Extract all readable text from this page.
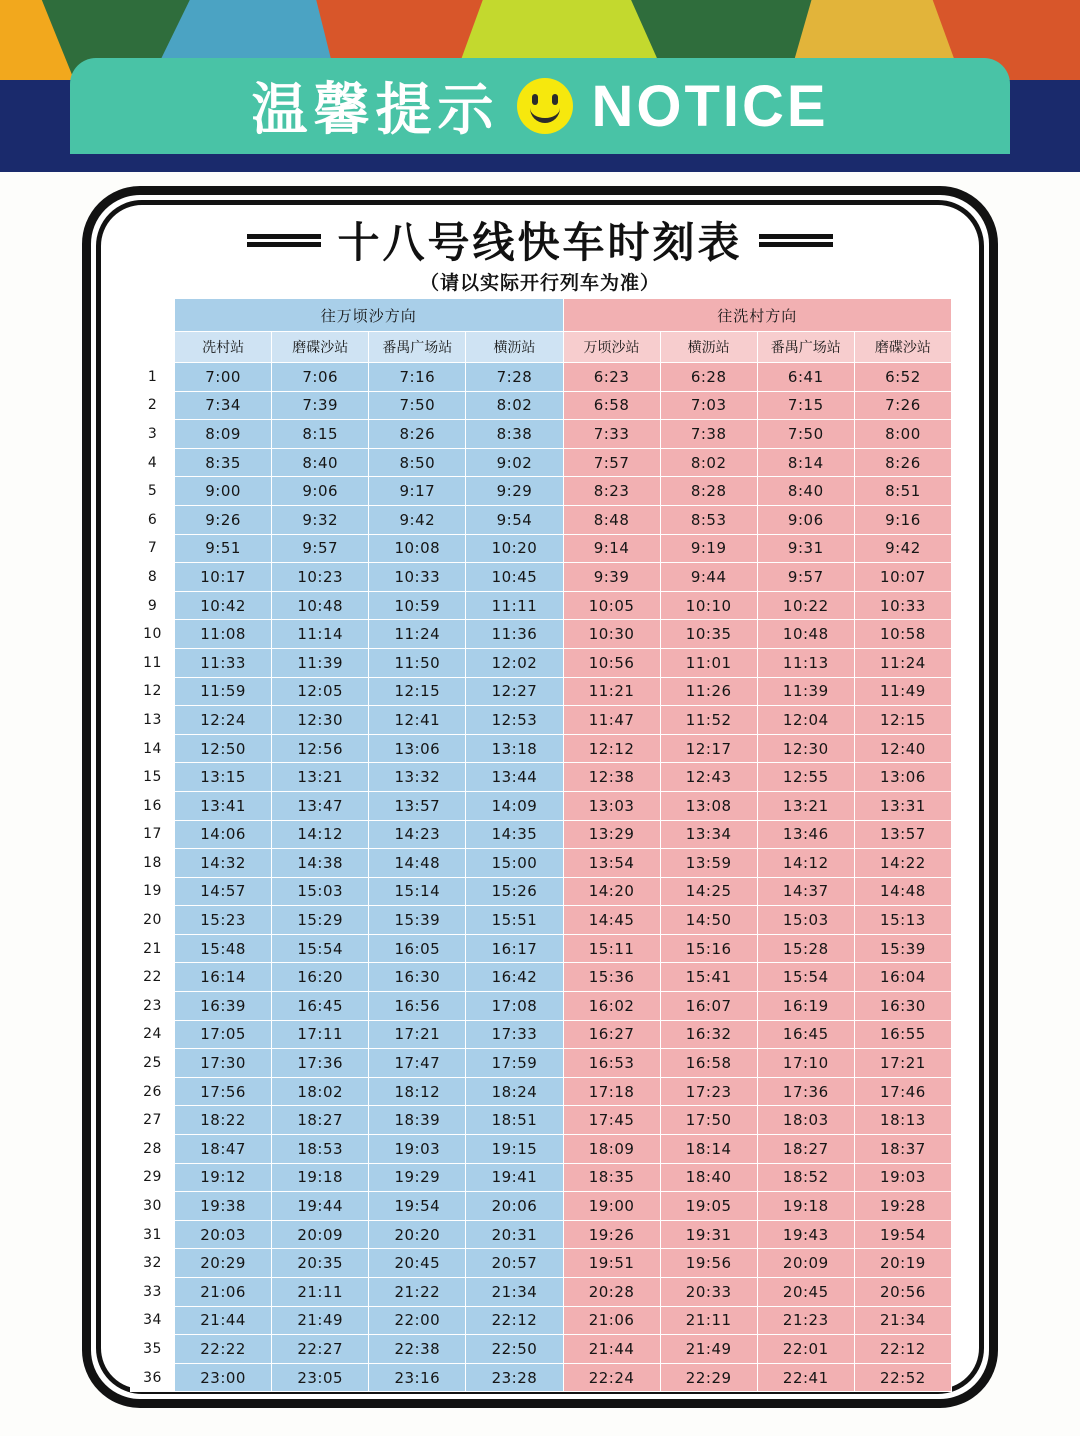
温馨提示 NOTICE
十八号线快车时刻表
（请以实际开行列车为准）
	往万顷沙方向				往洗村方向			
	冼村站	磨碟沙站	番禺广场站	横沥站	万顷沙站	横沥站	番禺广场站	磨碟沙站
1	7:00	7:06	7:16	7:28	6:23	6:28	6:41	6:52
2	7:34	7:39	7:50	8:02	6:58	7:03	7:15	7:26
3	8:09	8:15	8:26	8:38	7:33	7:38	7:50	8:00
4	8:35	8:40	8:50	9:02	7:57	8:02	8:14	8:26
5	9:00	9:06	9:17	9:29	8:23	8:28	8:40	8:51
6	9:26	9:32	9:42	9:54	8:48	8:53	9:06	9:16
7	9:51	9:57	10:08	10:20	9:14	9:19	9:31	9:42
8	10:17	10:23	10:33	10:45	9:39	9:44	9:57	10:07
9	10:42	10:48	10:59	11:11	10:05	10:10	10:22	10:33
10	11:08	11:14	11:24	11:36	10:30	10:35	10:48	10:58
11	11:33	11:39	11:50	12:02	10:56	11:01	11:13	11:24
12	11:59	12:05	12:15	12:27	11:21	11:26	11:39	11:49
13	12:24	12:30	12:41	12:53	11:47	11:52	12:04	12:15
14	12:50	12:56	13:06	13:18	12:12	12:17	12:30	12:40
15	13:15	13:21	13:32	13:44	12:38	12:43	12:55	13:06
16	13:41	13:47	13:57	14:09	13:03	13:08	13:21	13:31
17	14:06	14:12	14:23	14:35	13:29	13:34	13:46	13:57
18	14:32	14:38	14:48	15:00	13:54	13:59	14:12	14:22
19	14:57	15:03	15:14	15:26	14:20	14:25	14:37	14:48
20	15:23	15:29	15:39	15:51	14:45	14:50	15:03	15:13
21	15:48	15:54	16:05	16:17	15:11	15:16	15:28	15:39
22	16:14	16:20	16:30	16:42	15:36	15:41	15:54	16:04
23	16:39	16:45	16:56	17:08	16:02	16:07	16:19	16:30
24	17:05	17:11	17:21	17:33	16:27	16:32	16:45	16:55
25	17:30	17:36	17:47	17:59	16:53	16:58	17:10	17:21
26	17:56	18:02	18:12	18:24	17:18	17:23	17:36	17:46
27	18:22	18:27	18:39	18:51	17:45	17:50	18:03	18:13
28	18:47	18:53	19:03	19:15	18:09	18:14	18:27	18:37
29	19:12	19:18	19:29	19:41	18:35	18:40	18:52	19:03
30	19:38	19:44	19:54	20:06	19:00	19:05	19:18	19:28
31	20:03	20:09	20:20	20:31	19:26	19:31	19:43	19:54
32	20:29	20:35	20:45	20:57	19:51	19:56	20:09	20:19
33	21:06	21:11	21:22	21:34	20:28	20:33	20:45	20:56
34	21:44	21:49	22:00	22:12	21:06	21:11	21:23	21:34
35	22:22	22:27	22:38	22:50	21:44	21:49	22:01	22:12
36	23:00	23:05	23:16	23:28	22:24	22:29	22:41	22:52
